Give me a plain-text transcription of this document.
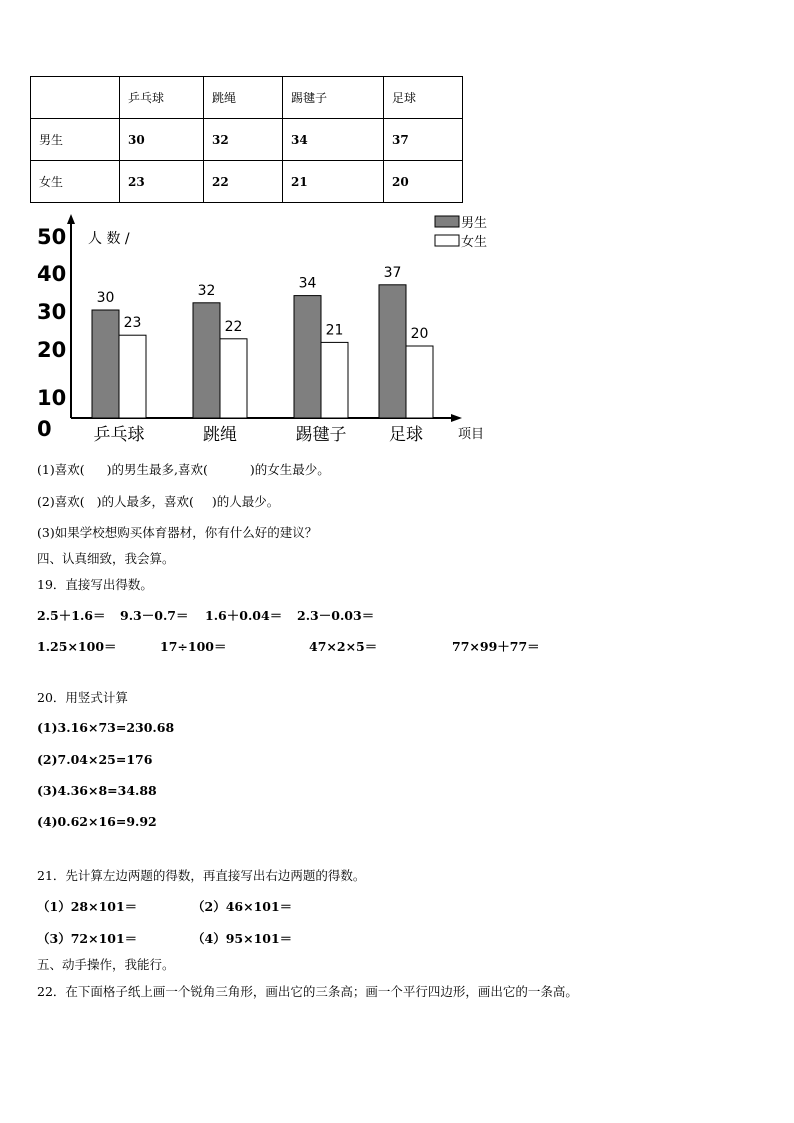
	乒乓球	跳绳	踢毽子	足球
男生	30	32	34	37
女生	23	22	21	20
0
10
20
30
40
50 人 数 /
项目
30
23
乒乓球
32
22
跳绳
34
21
踢毽子
37
20
足球
男生
女生
(1)喜欢( )的男生最多,喜欢(	)的女生最少。
(2)喜欢( )的人最多，喜欢( )的人最少。
(3)如果学校想购买体育器材，你有什么好的建议？
四、认真细致，我会算。
19．直接写出得数。
2.5＋1.6＝ 9.3－0.7＝ 1.6＋0.04＝ 2.3－0.03＝
1.25×100＝	17÷100＝	47×2×5＝	77×99＋77＝
20．用竖式计算
(1)3.16×73=230.68
(2)7.04×25=176
(3)4.36×8=34.88
(4)0.62×16=9.92
21．先计算左边两题的得数，再直接写出右边两题的得数。
（1）28×101＝	（2）46×101＝
（3）72×101＝	（4）95×101＝
五、动手操作，我能行。
22．在下面格子纸上画一个锐角三角形，画出它的三条高；画一个平行四边形，画出它的一条高。
